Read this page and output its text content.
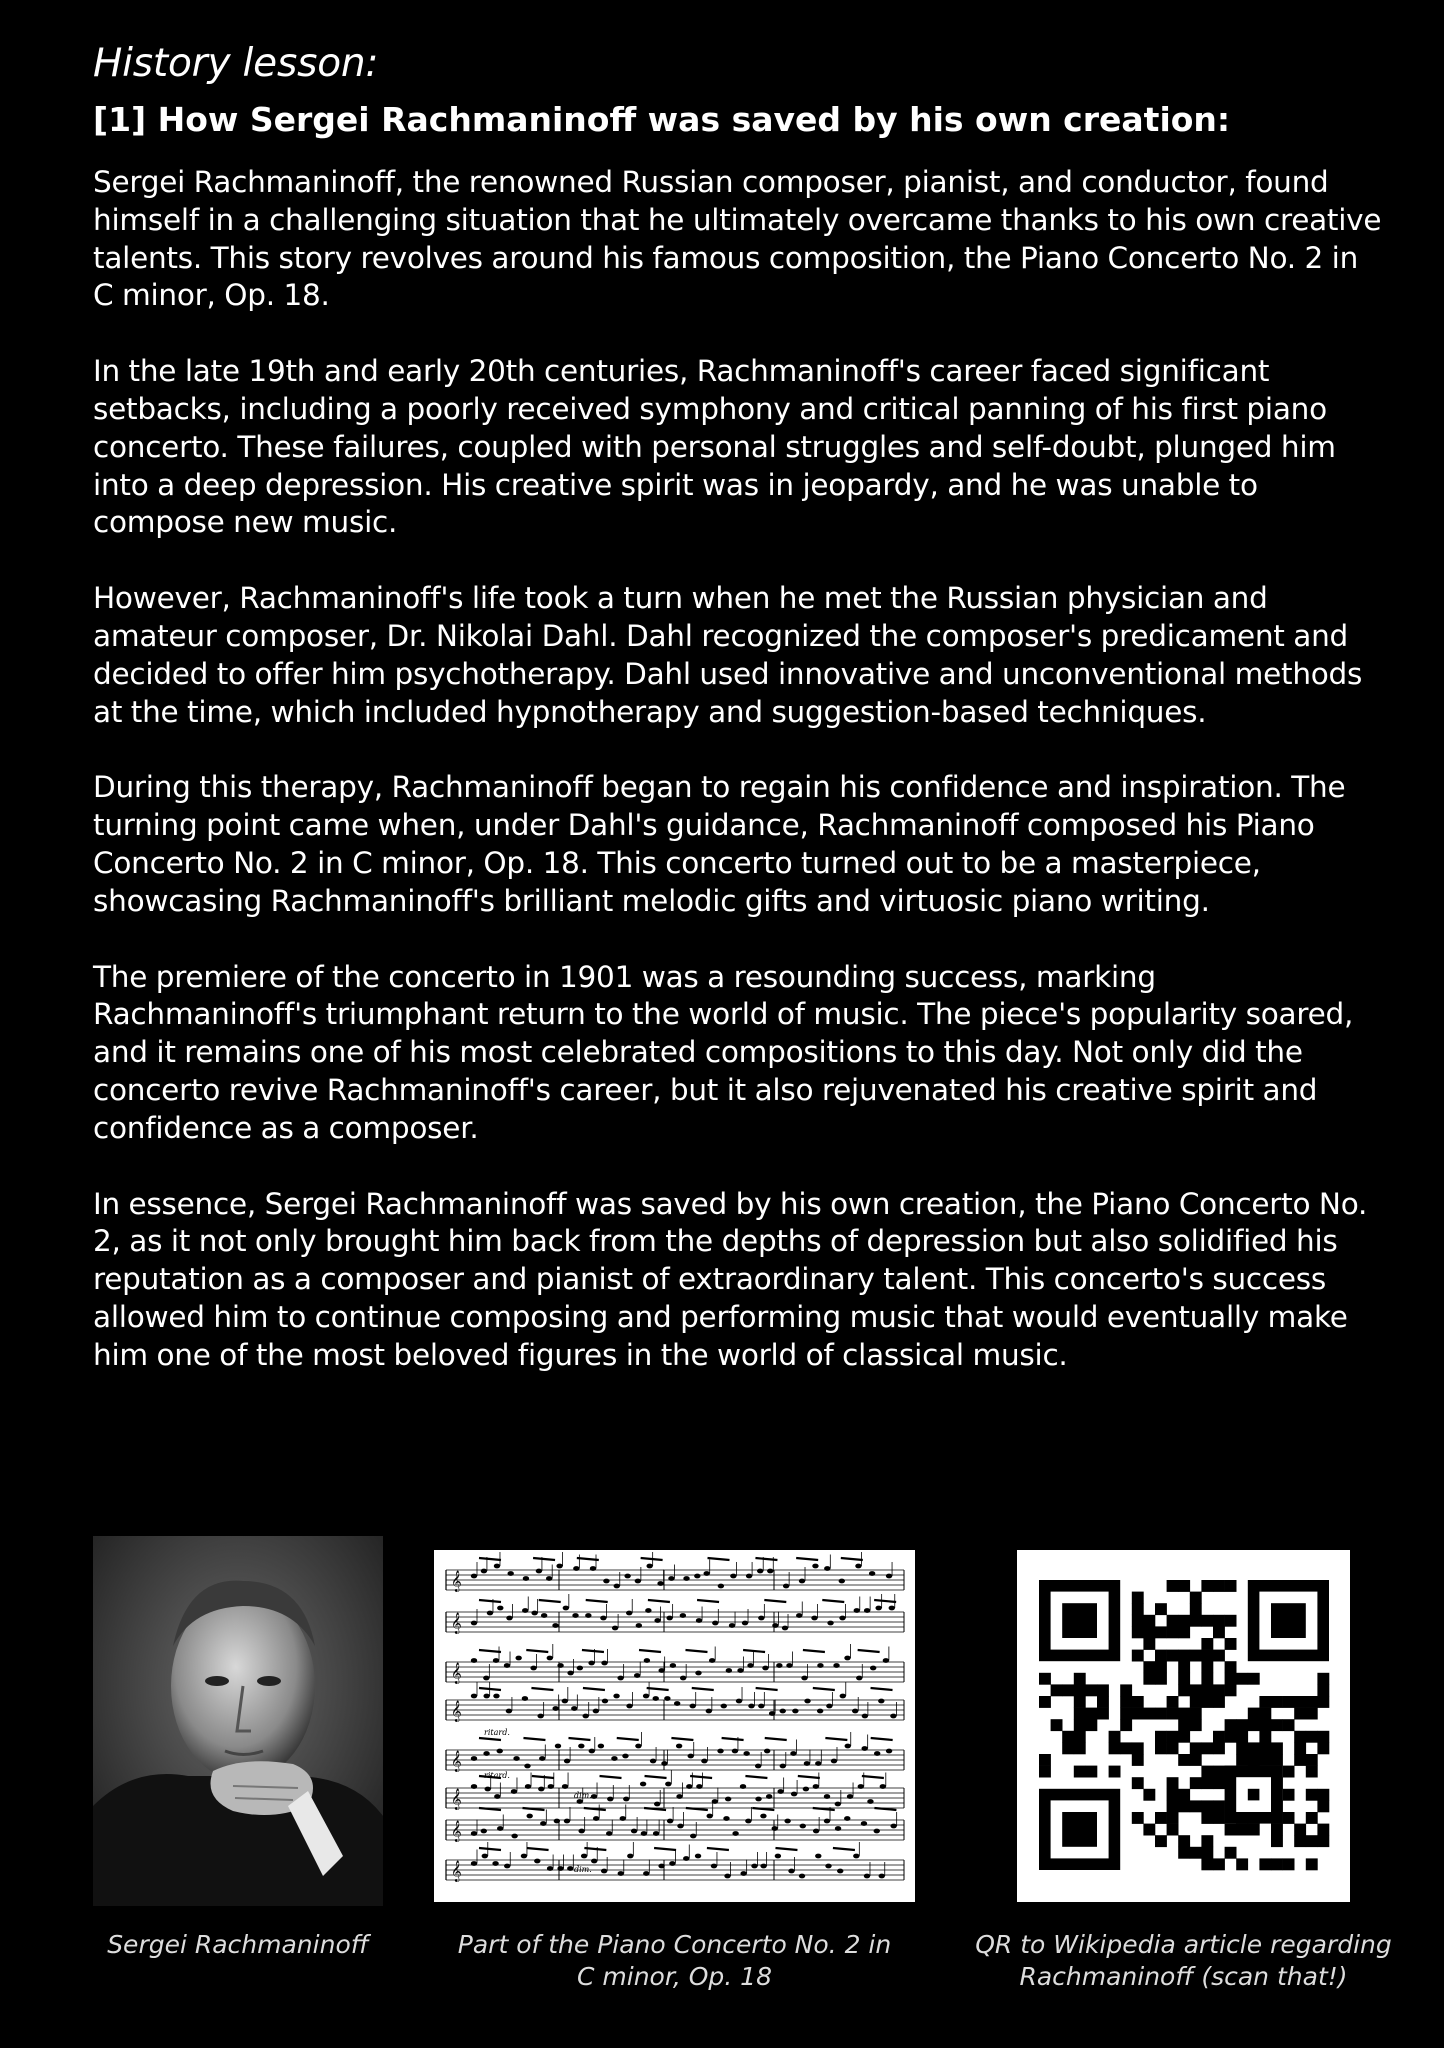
History lesson:
[1] How Sergei Rachmaninoff was saved by his own creation:

Sergei Rachmaninoff, the renowned Russian composer, pianist, and conductor, found himself in a challenging situation that he ultimately overcame thanks to his own creative talents. This story revolves around his famous composition, the Piano Concerto No. 2 in C minor, Op. 18.

In the late 19th and early 20th centuries, Rachmaninoff's career faced significant setbacks, including a poorly received symphony and critical panning of his first piano concerto. These failures, coupled with personal struggles and self-doubt, plunged him into a deep depression. His creative spirit was in jeopardy, and he was unable to compose new music.

However, Rachmaninoff's life took a turn when he met the Russian physician and amateur composer, Dr. Nikolai Dahl. Dahl recognized the composer's predicament and decided to offer him psychotherapy. Dahl used innovative and unconventional methods at the time, which included hypnotherapy and suggestion-based techniques.

During this therapy, Rachmaninoff began to regain his confidence and inspiration. The turning point came when, under Dahl's guidance, Rachmaninoff composed his Piano Concerto No. 2 in C minor, Op. 18. This concerto turned out to be a masterpiece, showcasing Rachmaninoff's brilliant melodic gifts and virtuosic piano writing.

The premiere of the concerto in 1901 was a resounding success, marking Rachmaninoff's triumphant return to the world of music. The piece's popularity soared, and it remains one of his most celebrated compositions to this day. Not only did the concerto revive Rachmaninoff's career, but it also rejuvenated his creative spirit and confidence as a composer.

In essence, Sergei Rachmaninoff was saved by his own creation, the Piano Concerto No. 2, as it not only brought him back from the depths of depression but also solidified his reputation as a composer and pianist of extraordinary talent. This concerto's success allowed him to continue composing and performing music that would eventually make him one of the most beloved figures in the world of classical music.

Sergei Rachmaninoff
𝄞
𝄞
𝄞
𝄞
𝄞
𝄞
𝄞
𝄞
ritard.
ritard.
dim.
dim.
Part of the Piano Concerto No. 2 in
C minor, Op. 18
QR to Wikipedia article regarding
Rachmaninoff (scan that!)
